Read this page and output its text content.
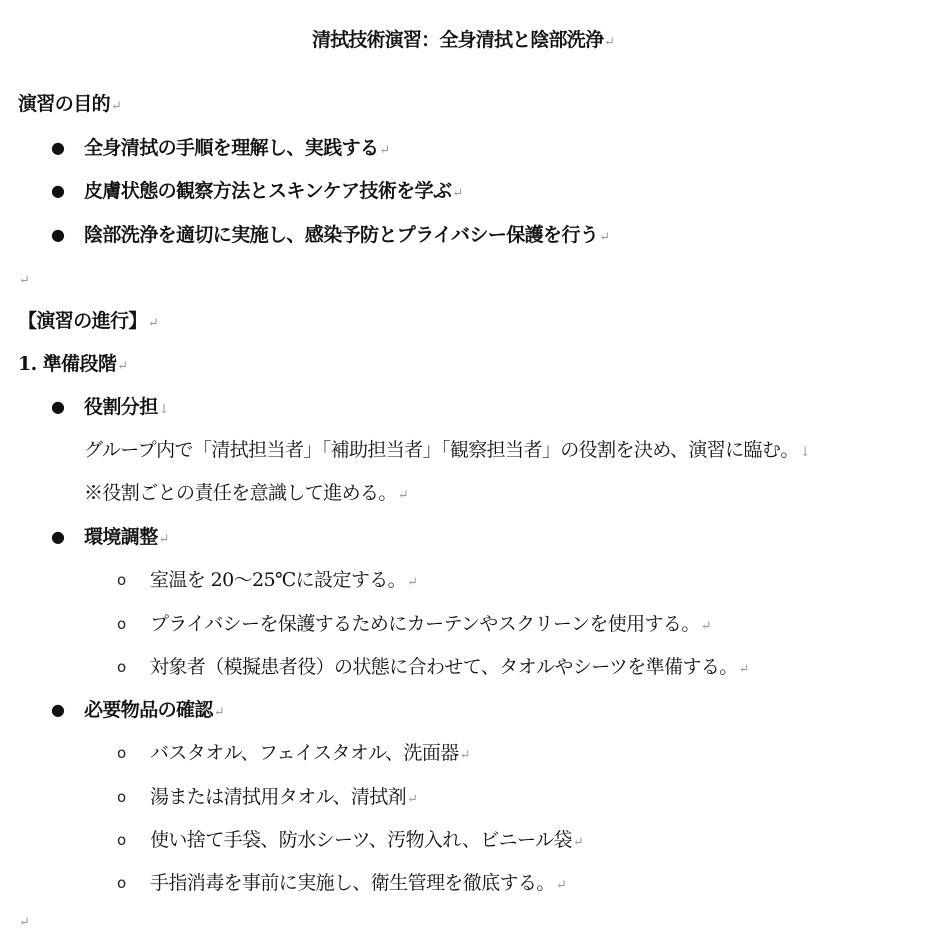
清拭技術演習：全身清拭と陰部洗浄↵
演習の目的↵
● 全身清拭の手順を理解し、実践する↵
● 皮膚状態の観察方法とスキンケア技術を学ぶ↵
● 陰部洗浄を適切に実施し、感染予防とプライバシー保護を行う↵
↵
【演習の進行】↵
1. 準備段階↵
● 役割分担↓
グループ内で「清拭担当者」「補助担当者」「観察担当者」の役割を決め、演習に臨む。↓
※役割ごとの責任を意識して進める。↵
● 環境調整↵
o 室温を 20～25℃に設定する。↵
o プライバシーを保護するためにカーテンやスクリーンを使用する。↵
o 対象者（模擬患者役）の状態に合わせて、タオルやシーツを準備する。↵
● 必要物品の確認↵
o バスタオル、フェイスタオル、洗面器↵
o 湯または清拭用タオル、清拭剤↵
o 使い捨て手袋、防水シーツ、汚物入れ、ビニール袋↵
o 手指消毒を事前に実施し、衛生管理を徹底する。↵
↵
